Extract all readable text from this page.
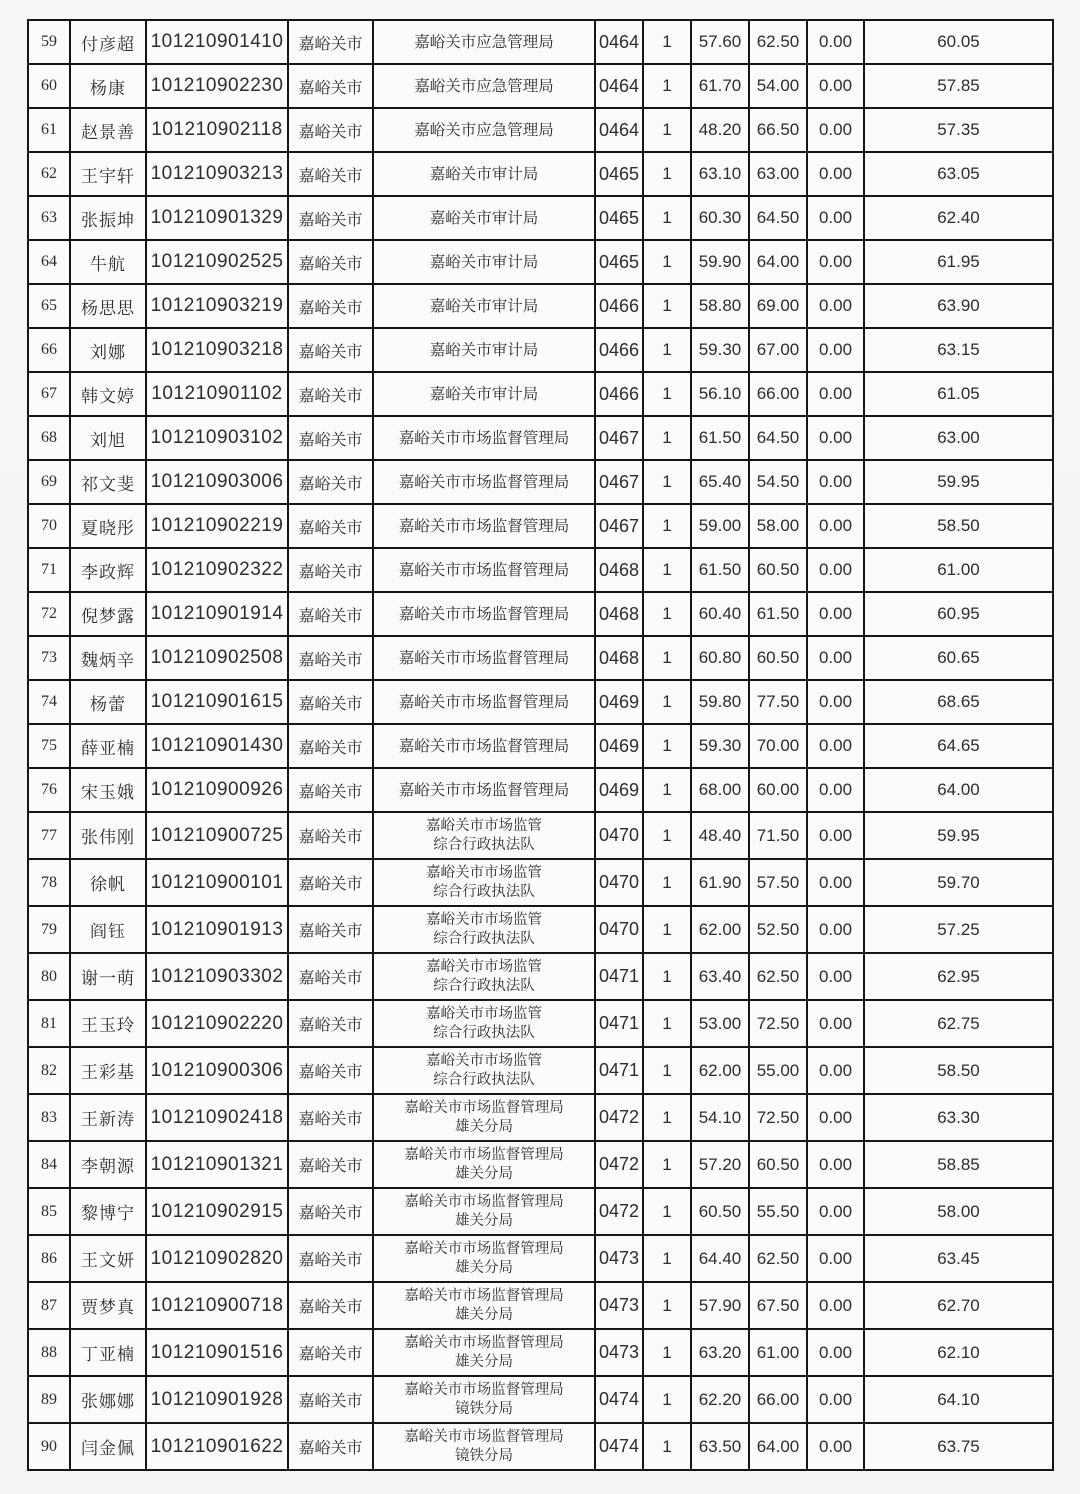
59	付彦超	101210901410	嘉峪关市	嘉峪关市应急管理局	0464	1	57.60	62.50	0.00	60.05
60	杨康	101210902230	嘉峪关市	嘉峪关市应急管理局	0464	1	61.70	54.00	0.00	57.85
61	赵景善	101210902118	嘉峪关市	嘉峪关市应急管理局	0464	1	48.20	66.50	0.00	57.35
62	王宇轩	101210903213	嘉峪关市	嘉峪关市审计局	0465	1	63.10	63.00	0.00	63.05
63	张振坤	101210901329	嘉峪关市	嘉峪关市审计局	0465	1	60.30	64.50	0.00	62.40
64	牛航	101210902525	嘉峪关市	嘉峪关市审计局	0465	1	59.90	64.00	0.00	61.95
65	杨思思	101210903219	嘉峪关市	嘉峪关市审计局	0466	1	58.80	69.00	0.00	63.90
66	刘娜	101210903218	嘉峪关市	嘉峪关市审计局	0466	1	59.30	67.00	0.00	63.15
67	韩文婷	101210901102	嘉峪关市	嘉峪关市审计局	0466	1	56.10	66.00	0.00	61.05
68	刘旭	101210903102	嘉峪关市	嘉峪关市市场监督管理局	0467	1	61.50	64.50	0.00	63.00
69	祁文斐	101210903006	嘉峪关市	嘉峪关市市场监督管理局	0467	1	65.40	54.50	0.00	59.95
70	夏晓彤	101210902219	嘉峪关市	嘉峪关市市场监督管理局	0467	1	59.00	58.00	0.00	58.50
71	李政辉	101210902322	嘉峪关市	嘉峪关市市场监督管理局	0468	1	61.50	60.50	0.00	61.00
72	倪梦露	101210901914	嘉峪关市	嘉峪关市市场监督管理局	0468	1	60.40	61.50	0.00	60.95
73	魏炳辛	101210902508	嘉峪关市	嘉峪关市市场监督管理局	0468	1	60.80	60.50	0.00	60.65
74	杨蕾	101210901615	嘉峪关市	嘉峪关市市场监督管理局	0469	1	59.80	77.50	0.00	68.65
75	薛亚楠	101210901430	嘉峪关市	嘉峪关市市场监督管理局	0469	1	59.30	70.00	0.00	64.65
76	宋玉娥	101210900926	嘉峪关市	嘉峪关市市场监督管理局	0469	1	68.00	60.00	0.00	64.00
77	张伟刚	101210900725	嘉峪关市	嘉峪关市市场监管
综合行政执法队	0470	1	48.40	71.50	0.00	59.95
78	徐帆	101210900101	嘉峪关市	嘉峪关市市场监管
综合行政执法队	0470	1	61.90	57.50	0.00	59.70
79	阎钰	101210901913	嘉峪关市	嘉峪关市市场监管
综合行政执法队	0470	1	62.00	52.50	0.00	57.25
80	谢一萌	101210903302	嘉峪关市	嘉峪关市市场监管
综合行政执法队	0471	1	63.40	62.50	0.00	62.95
81	王玉玲	101210902220	嘉峪关市	嘉峪关市市场监管
综合行政执法队	0471	1	53.00	72.50	0.00	62.75
82	王彩基	101210900306	嘉峪关市	嘉峪关市市场监管
综合行政执法队	0471	1	62.00	55.00	0.00	58.50
83	王新涛	101210902418	嘉峪关市	嘉峪关市市场监督管理局
雄关分局	0472	1	54.10	72.50	0.00	63.30
84	李朝源	101210901321	嘉峪关市	嘉峪关市市场监督管理局
雄关分局	0472	1	57.20	60.50	0.00	58.85
85	黎博宁	101210902915	嘉峪关市	嘉峪关市市场监督管理局
雄关分局	0472	1	60.50	55.50	0.00	58.00
86	王文妍	101210902820	嘉峪关市	嘉峪关市市场监督管理局
雄关分局	0473	1	64.40	62.50	0.00	63.45
87	贾梦真	101210900718	嘉峪关市	嘉峪关市市场监督管理局
雄关分局	0473	1	57.90	67.50	0.00	62.70
88	丁亚楠	101210901516	嘉峪关市	嘉峪关市市场监督管理局
雄关分局	0473	1	63.20	61.00	0.00	62.10
89	张娜娜	101210901928	嘉峪关市	嘉峪关市市场监督管理局
镜铁分局	0474	1	62.20	66.00	0.00	64.10
90	闫金佩	101210901622	嘉峪关市	嘉峪关市市场监督管理局
镜铁分局	0474	1	63.50	64.00	0.00	63.75
